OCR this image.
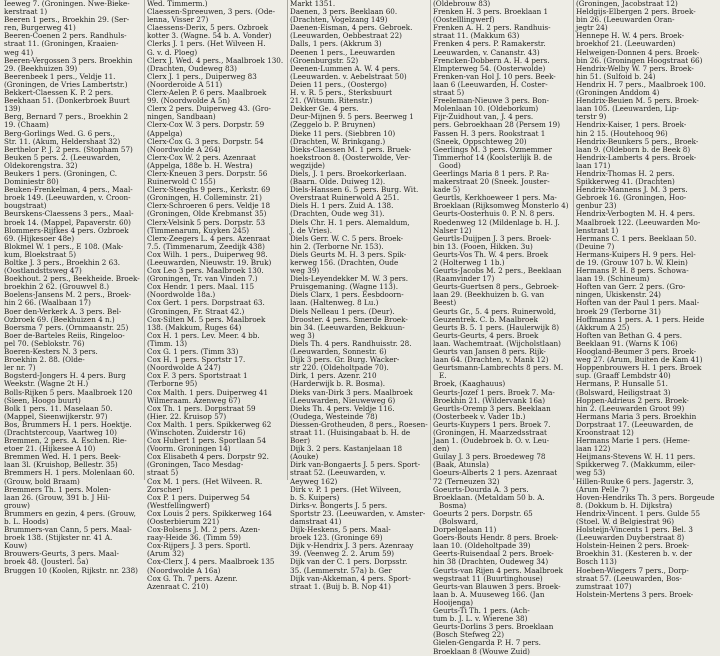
Ieeweg 7. (Groningen. Nwe-Bieke-

kerstraat 1)

Beeren 1 pers., Broekhin 29. (Ser-

ren, Burgerweg 41)

Beeren-Coenen 2 pers. Randhuls-

straat 11. (Groningen, Kraaien-

weg 41)

Beeren-Vergossen 3 pers. Broekhin

29. (Beekhuizen 39)

Beerenbeek 1 pers., Veldje 11.

(Groningen, de Vries Lambertstr.)

Bekkert-Claessen K. P. 2 pers.

Beekhaan 51. (Donkerbroek Buurt

139)

Berg, Bernard 7 pers., Broekhin 2

19. (Chaam)

Berg-Gorlings Wed. G. 6 pers.,

Str. 11. (Akum, Heldershaat 32)

Berthelor P. J. 2 pers. (Stopham 57)

Beuken 5 pers. 2. (Leeuwarden,

Oldekorengstra. 32)

Beukers 1 pers. (Groningen, C.

Dominiestr 80)

Beuken-Frenkelman, 4 pers., Maal-

broek 149. (Leeuwarden, v. Croon-

bougstraat)

Beurskens-Claessens 3 pers., Maal-

broek 14. (Mappel, Papaverstr. 60)

Blommers-Rijfkes 4 pers. Ozbroek

69. (Hijkesoer 48e)

Blokmel W. 1 pers., E 108. (Mak-

kum, Bloekstraat 5)

Boltke J. 3 pers., Broekhin 2 63.

(Oostlandsttsweg 47)

Boekhout. 2 pers., Beekheide. Broek-

broekhin 2 62. (Grouwvel 8.)

Boelens-Jansens M. 2 pers., Broek-

hin 2 66. (Waalbaan 17)

Boer den-Verkerk A. 3 pers. Bel-

Ozbroek 69. (Beekhuizen 4 n.)

Boersma 7 pers. (Ornmaanstr. 25)

Boer de-Barteles Reiis, Ringeloo-

pel 70. (Seblokstr. 76)

Boeren-Kesters N. 3 pers.

Broekhin 2. 88. (Olde-

ler nr. 7)

Bogsterd-Jongers H. 4 pers. Burg

Weekstr. (Wagne 2t H.)

Bolls-Rijken 5 pers. Maalbroek 120

(Sieen, Hoogo buurt)

Bolk 1 pers. 11. Maselaan 50.

(Mappel, Sieenwijkerstr. 97)

Bos, Brummers H. 1 pers. Hoektje.

(Drachtstercoup, Vaartweg 10)

Bremmen, 2 pers. A. Eschen. Rie-

etoer 21. (Hijkesee A 10)

Bremmen Wed. H. 1 pers. Beek-

laan 3l. (Kruishop, Bellestr. 35)

Bremmers H. 1 pers. Molenlaan 60.

(Grouw, bold Braam)

Bremmers Th. 1 pers. Molen-

laan 26. (Grouw, 391 b. J Hil-

grouw)

Brummers en gezin, 4 pers. (Grouw,

b. L. Hoods)

Brummers-van Cann, 5 pers. Maal-

broek 138. (Stijkster nr. 41 A.

Kouw)

Brouwers-Geurts, 3 pers. Maal-

broek 48. (Jousterl. 5a)

Bruggen 10 (Koolen, Rijkstr. nr. 238)

Wed. Timmerm.)

Claessen-Spreeuwen, 3 pers. (Ode-

lenna, Visser 27)

Claessens-Derix, 5 pers. Ozbroek

kotter 3. (Wagne. 54 b. A. Vonder)

Clerks J. 1 pers. (Het Wilveen H.

G. v. d. Ploeg)

Clerx J. Wed. 4 pers., Maalbroek 130.

(Drachten, Oudeweg 83)

Clerx J. 1 pers., Duiperweg 83

(Noorderoide A 511)

Clerx-Aelen P. 6 pers. Maalbroek

99. (Noordwolde A 5n)

Clerx 2 pers. Duiperweg 43. (Gro-

ningen, Sandbaan)

Clerx-Cox W. 3 pers. Dorpstr. 59

(Appelga)

Clerx-Cox G. 3 pers. Dorpstr. 54

(Noordwolde A 264)

Clerx-Cox W. 2 pers. Azenraat

(Appelga, 188e b. H. Westra)

Clerx-Kneuen 3 pers. Dorpstr. 56

Ruinerwold C 155)

Clerx-Steeghs 9 pers., Kerkstr. 69

(Groningen, H. Colleminstr. 21)

Clerx-Schroeren 6 pers. Veldje 18

(Groningen, Olde Krebmanst 35)

Clerx-Velsink 5 pers. Dorpstr. 53

(Timmenarum, Kuyken 245)

Clerx-Zeegers L. 4 pers. Azenraat

7.5. (Timmenarum, Zeedijk 438)

Cox Wilh. 1 pers., Duiperweg 98.

(Leeuwarden, Nieuwstr. 19. Bruk)

Cox Leo 3 pers. Maalbroek 130.

(Groningen, Tr. van Vinden 7.)

Cox Hendr. 1 pers. Maal. 115

(Noordwolde 18a.)

Cox Gert. 1 pers. Dorpstraat 63.

(Groningen, Fr. Straat 42.)

Cox-Silten M. 5 pers. Maalbroek

138. (Makkum, Ruges 64)

Cox H. 1 pers. Lev. Meer. 4 bb.

(Timm. 13)

Cox G. 1 pers. (Timm 33)

Cox H. 1 pers. Sportstr 17.

(Noordwolde A 247)

Cox F. 3 pers. Sportstraat 1

(Terborne 95)

Cox Malth. 1 pers. Duiperweg 41

Wilmeraam. Azenweg 67)

Cox Th. 1 pers. Dorpstraat 59

(Hier. 22. Kruisop 57)

Cox Malth. 1 pers. Spikkerweg 62

(Winschoten. Zuiderstr 16)

Cox Hubert 1 pers. Sportlaan 54

(Voorm. Groningen 14)

Cox Elisabeth 4 pers. Dorpstr 92.

(Groningen, Taco Mesdag-

straat 5)

Cox M. 1 pers. (Het Wilveen. R.

Zorscher)

Cox P. 1 pers. Duiperweg 54

(Westfellingwerf)

Cox Louis 2 pers. Spikkerweg 164

(Oosterbierum 221)

Cox-Bolsens J. M. 2 pers. Azen-

raay-Heide 36. (Timm 59)

Cox-Rijpers J. 3 pers. Sportl.

(Arum 32)

Cox-Clerx J. 4 pers. Maalbroek 135

(Noordwolde A 16a)

Cox G. Th. 7 pers. Azenr.

Azenraat C. 210)

Markt 1351.

Daenen, 3 pers. Beeklaan 60.

(Drachten, Vogelzang 149)

Daenen-Eisman, 4 pers. Gebroek.

(Leeuwarden, Oebbestraat 22)

Dalls, 1 pers. (Akkrum 3)

Deenen 1 pers., Leeuwarden

(Groenburgstr. 52)

Deenen-Lummen A. W. 4 pers.

(Leeuwarden. v. Aebelstraat 50)

Deien 11 pers., (Oostergo)

H. v. R. 5 pers., Sterksbuurt

21. (Witsum. Ritenstr.)

Dekker Ge. 4 pers.

Deur-Mijnen 9. 5 pers. Beerweg 1

(Zeggelo b. P. Bruynen)

Dieke 11 pers. (Siebbren 10)

(Drachten, W. Brinkgang.)

Dieks-Claessen M. 1 pers. Bruek-

hoekstroon 8. (Oosterwolde, Ver-

wegzijde)

Diels, J. 1 pers. Broekorkerlaan.

(Baarn. Olde. Duiweg 12).

Diels-Hanssen 6. 5 pers. Burg. Wit.

Overstraat Ruinerwold A 251.

Diels H. 1 pers. Zuid A. 138.

(Drachten, Oude weg 31).

Diels Chr. H. 1 pers. Alemaldum,

J. de Vries).

Diels Gerr. W. C. 5 pers. Broek-

hin 2. (Terborne Nr. 153).

Diels Geurts M. H. 3 pers. Spik-

kerweg 156. (Drachten, Oude

weg 39)

Diels-Leyendekker M. W. 3 pers.

Pruisgemaning. (Wagne 113).

Diels Clarx, 1 pers. Eesbdoorn-

laan. (Haltenweg. 8 Lu.)

Diels Nelleau 1 pers. (Deur).

Drooster. 4 pers. Smerde Broek-

bin 34. (Leeuwarden, Bekkuun-

weg 3)

Diels Th. 4 pers. Randhuisstr. 28.

(Leeuwarden, Sonnestr. 6)

Dijk 3 pers. Gr. Burg. Wacker-

str 220. (Oldeholtpade 70).

Dirk, 1 pers. Azenr. 210

(Harderwijk b. R. Bosma).

Dieks van-Dirk 3 pers. Maalbroek

(Leeuwarden, Nieuweweg 6)

Dieks Th. 4 pers. Veldje 116.

(Oudega, Westeinde 78)

Diessen-Grotheuden, 8 pers., Roesen-

straat 11. (Huisingabaat b. H. de

Boer)

Dijk 3. 2 pers. Kastanjelaan 18

(Aouke)

Dirk van-Bongaerts J. 5 pers. Sport-

straat 52. (Leeuwarden, v.

Aeyweg 162)

Dirk v. P. 1 pers. (Het Wilveen,

b. S. Kuipers)

Dirks-v. Bongerts J. 5 pers.

Sportstr 23. (Leeuwarden, v. Amster-

damstraat 41)

Dijk-Heskens, 5 pers. Maal-

broek 123. (Groninge 69)

Dijk v-Hendrix J. 3 pers. Azenraay

39. (Veenweg 2. 2. Arum 59)

Dijk van der C. 1 pers. Dorpsstr.

35. (Lemmerstr. 57a) b. Ger

Dijk van-Akkeman, 4 pers. Sport-

straat 1. (Buij b. B. Nop 41)

(Oldebrouw 83)

Frenken H. 3 pers. Broeklaan 1

(Oostelllingwerf)

Frenken A. H. 2 pers. Randhuis-

straat 11. (Makkum 63)

Frenken 4 pers. P. Ramakerstr.

Leeuwarden, v. Cananstr. 43)

Frencken-Dobbern A. H. 4 pers.

Elmpterweg 54. (Oosterwolde)

Frenken-van Hol J. 10 pers. Beek-

laan 6 (Leeuwarden, H. Coster-

straat 5)

Freeleman-Nieuwe 3 pers. Bon-

Molenlaan 10. (Oldeborkum)

Fijr-Zuidhout van, J. 4 pers.

pers. Gebroekhaan 28 (Persem 19)

Fassen H. 3 pers. Rookstraat 1

(Sneek, Oppschteweg 20)

Geerlings M. 3 pers. Ozmemmer

Timmerhof 14 (Koolsterlijk B. de Good)

Geerlings Maria 8 1 pers. P. Ra-

makerstraat 20 (Sneek. Jouster-

kade 5)

Geurtls, Kerkhoeweer 1 pers. Ma-

Broeklaan (Rijksomweg Monsterlo 4)

Geurts-Oosterhuis 0. P. N. 8 pers.

Roedenweg 12 (Mildenlage b. H. J.

Nalser 12)

Geurtls-Duijpen J. 3 pers. Broek-

bin 13. (Fooen, Hikken. 3u)

Geurts-Vos Th. W. 4 pers. Broek

2 (Holterweg 1 1b.)

Geurts-Jacobs M. 2 pers., Beeklaan

(Raamvinder 17)

Geurts-Guertsen 8 pers., Gebroek-

laan 29. (Beekhuizen b. G. van

Beest)

Geurts Gr., 5. 4 pers. Ruinerwold,

Geuzentrek. C. b. Maalbroek

Geurts B. 5. 1 pers. (Haulerwijk 8)

Geurts-Geurts, 4 pers. Broek

laan. Wachemtraat. (Wijcholstlaan)

Geurts van Jansen 8 pers. Rijk-

laan 64. (Drachten, v. Mank 12)

Geurtsmann-Lambrechts 8 pers. M. E.

Broek, (Kaaghauus)

Geurts-Jozef 1 pers. Broek 7. Ma-

Broekhin 21. (Wildervank 16a)

Geurtls-Oremp 3 pers. Beeklaan

(Oosterbeek v. Vader 1b.)

Geurts-Kuypers 1 pers. Broek 7.

(Groningen, H. Maarzedsstraat

Jaan 1. (Oudebroek b. O. v. Leu-

den)

Guilay J. 3 pers. Broedeweg 78

(Baak, Atunsla)

Goeurs-Alberts 2 1 pers. Azenraat

72 (Terneuzen 32)

Goeurts-Dourda A. 3 pers.

Broeklaan. (Metaldam 50 b. A. Bosma)

Goeurts 2 pers. Dorpstr. 65 (Bolsward,

Dorpelgelaan 11)

Goers-Bouts Hendr. 8 pers. Broek-

laan 10. (Oldeholtpade 39)

Geerts-Ruisendaal 2 pers. Broek-

hin 38 (Drachten, Oudeweg 34)

Geurts-van Rijen 4 pers. Maalbroek

wegstraat 11 (Buurtinghouse)

Geurts-van Blauwen 3 pers. Broek-

laan b. A. Muuseweg 166. (Jan

Hooijenga)

Geurts-Ti Th. 1 pers. (Ach-

tum b. J. L. v. Wierene 38)

Geurts-Dorlins 3 pers. Broeklaan

(Bosch Stefweg 22)

Gielen-Gengarda P. H. 7 pers.

Broeklaan 8 (Wouwe Zuid)

(Groningen, Jacobstraat 12)

Heldgijs-Elbergen 2 pers. Broek-

bin 26. (Leeuwarden Oran-

jegtr 24)

Hennepe H. W. 4 pers. Broek-

broekhof 21. (Leeuwarden)

Helweigen-Donnen 4 pers. Broek-

bin 26. (Groningen Hoogstraat 66)

Hendrix-Welby W. 7 pers. Broek-

hin 51. (Sulfoid b. 24)

Hendrix H. 7 pers., Maalbroek 100.

(Groningen Anddom 4)

Hendrix-Beuien M. 5 pers. Broek-

laan 105. (Leeuwarden, Lip-

terstr 9)

Hendrix-Kaiser, 1 pers. Broek-

hin 2 15. (Houtehooq 96)

Hendrix-Beunkers 5 pers., Broek-

laan 9. (Oldeborn b. de Beek 8)

Hendrix-Lamberts 4 pers. Broek-

laan 171)

Hendrix-Thomas H. 2 pers.

Spikkerweg 41. (Drachten)

Hendrix-Mannens J. M. 3 pers.

Gebroek 16. (Groningen, Hoo-

genbur 23)

Hendrix-Verbogten M. H. 4 pers.

Maalbroek 122. (Leeuwarden Mo-

lenstraat 1)

Hermans C. 1 pers. Beeklaan 50.

(Deuine 7)

Hermans-Kuipers H. 9 pers. Hel-

de 19. (Grouw 107 b. W. Klein)

Hermans P. H. 8 pers. Schowa-

laan 19. (Schineum)

Hoften van Gerr. 2 pers. (Gro-

ningen, Ukiskenstr. 24)

Hoften van der Paul 1 pers. Maal-

broek 29 (Terborne 31)

Hoffmanns 1 pers. A. 1 pers. Heide

(Akkrum A 25)

Hoften van Bethan G. 4 pers.

Beeklaan 91. (Warns K 106)

Hoogland-Beumer 3 pers. Broek-

weg 27. (Arum, Buiten de Kam 41)

Hoppenbrouwers H. 1 pers. Broek

sup. (Graaff Lembdstr 40)

Hermans, P. Hunsalle 51.

(Bolsward, Heiligstraat 3)

Hoppen-Adrieus 2 pers. Broek-

hin 2. (Leeuwarden Groot 99)

Hermans Maria 3 pers. Broekhin

Dorpstraat 17. (Leeuwarden, de

Kroonstraat 12)

Hermans Marie 1 pers. (Heme-

laan 122)

Heijmans-Stevens W. H. 11 pers.

Spikkerweg 7. (Makkumm, eiler-

weg 53)

Hillen-Ruuke 6 pers. Jagerstr. 3,

(Arum Pelle 7)

Hoven-Hendriks Th. 3 pers. Borgeude

8. (Dokkum b. H. Dijkstra)

Hendrix-Vincent. 1 pers. Gulde 55

(Stoel. W. d Belgiestrat 96)

Holsteijn-Vincents 1 pers. Bel. 3

(Leeuwarden Duyberstraat 8)

Holstein-Heinen 2 pers. Broek-

Broekhin 31. (Kesteren b. v. der

Bosch 113)

Hoeben-Wiegers 7 pers., Dorp-

straat 57. (Leeuwarden, Bos-

zumstraat 107)

Holstein-Mertens 3 pers. Broek-
